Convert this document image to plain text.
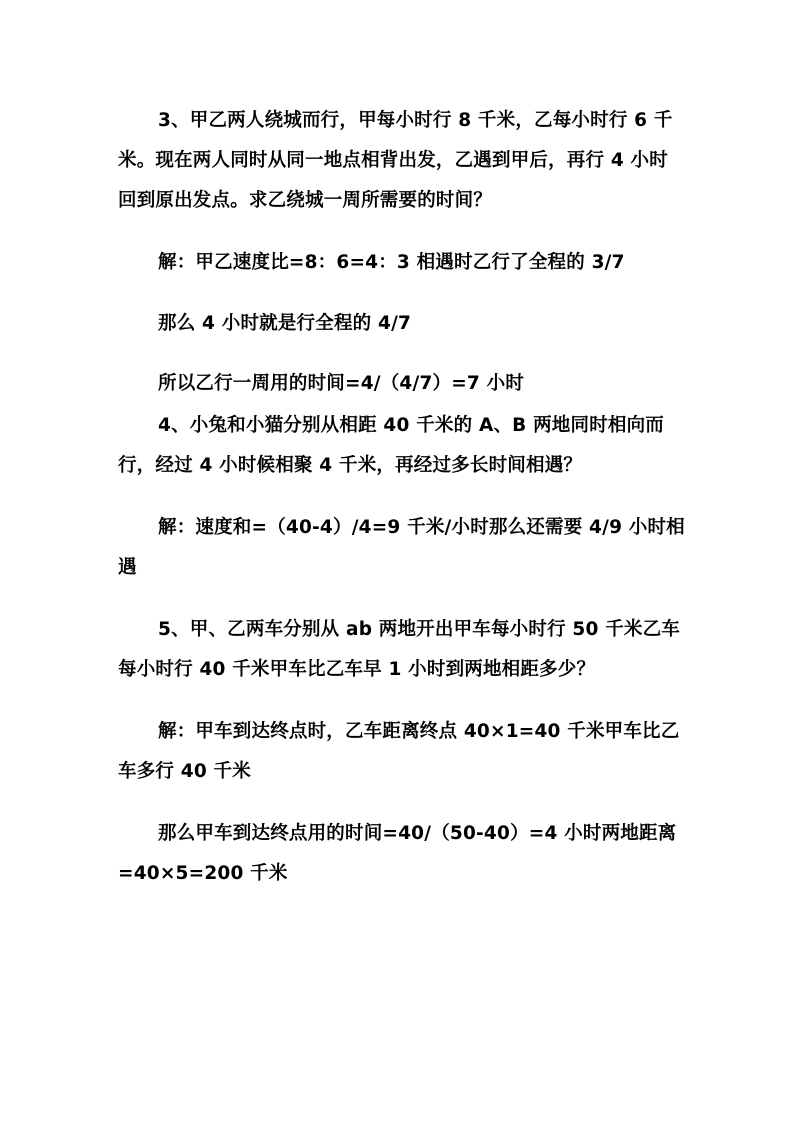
3、甲乙两人绕城而行，甲每小时行 8 千米，乙每小时行 6 千
米。现在两人同时从同一地点相背出发，乙遇到甲后，再行 4 小时
回到原出发点。求乙绕城一周所需要的时间？
解：甲乙速度比=8：6=4：3 相遇时乙行了全程的 3/7
那么 4 小时就是行全程的 4/7
所以乙行一周用的时间=4/（4/7）=7 小时
4、小兔和小猫分别从相距 40 千米的 A、B 两地同时相向而
行，经过 4 小时候相聚 4 千米，再经过多长时间相遇？
解：速度和=（40-4）/4=9 千米/小时那么还需要 4/9 小时相
遇
5、甲、乙两车分别从 ab 两地开出甲车每小时行 50 千米乙车
每小时行 40 千米甲车比乙车早 1 小时到两地相距多少？
解：甲车到达终点时，乙车距离终点 40×1=40 千米甲车比乙
车多行 40 千米
那么甲车到达终点用的时间=40/（50-40）=4 小时两地距离
=40×5=200 千米
